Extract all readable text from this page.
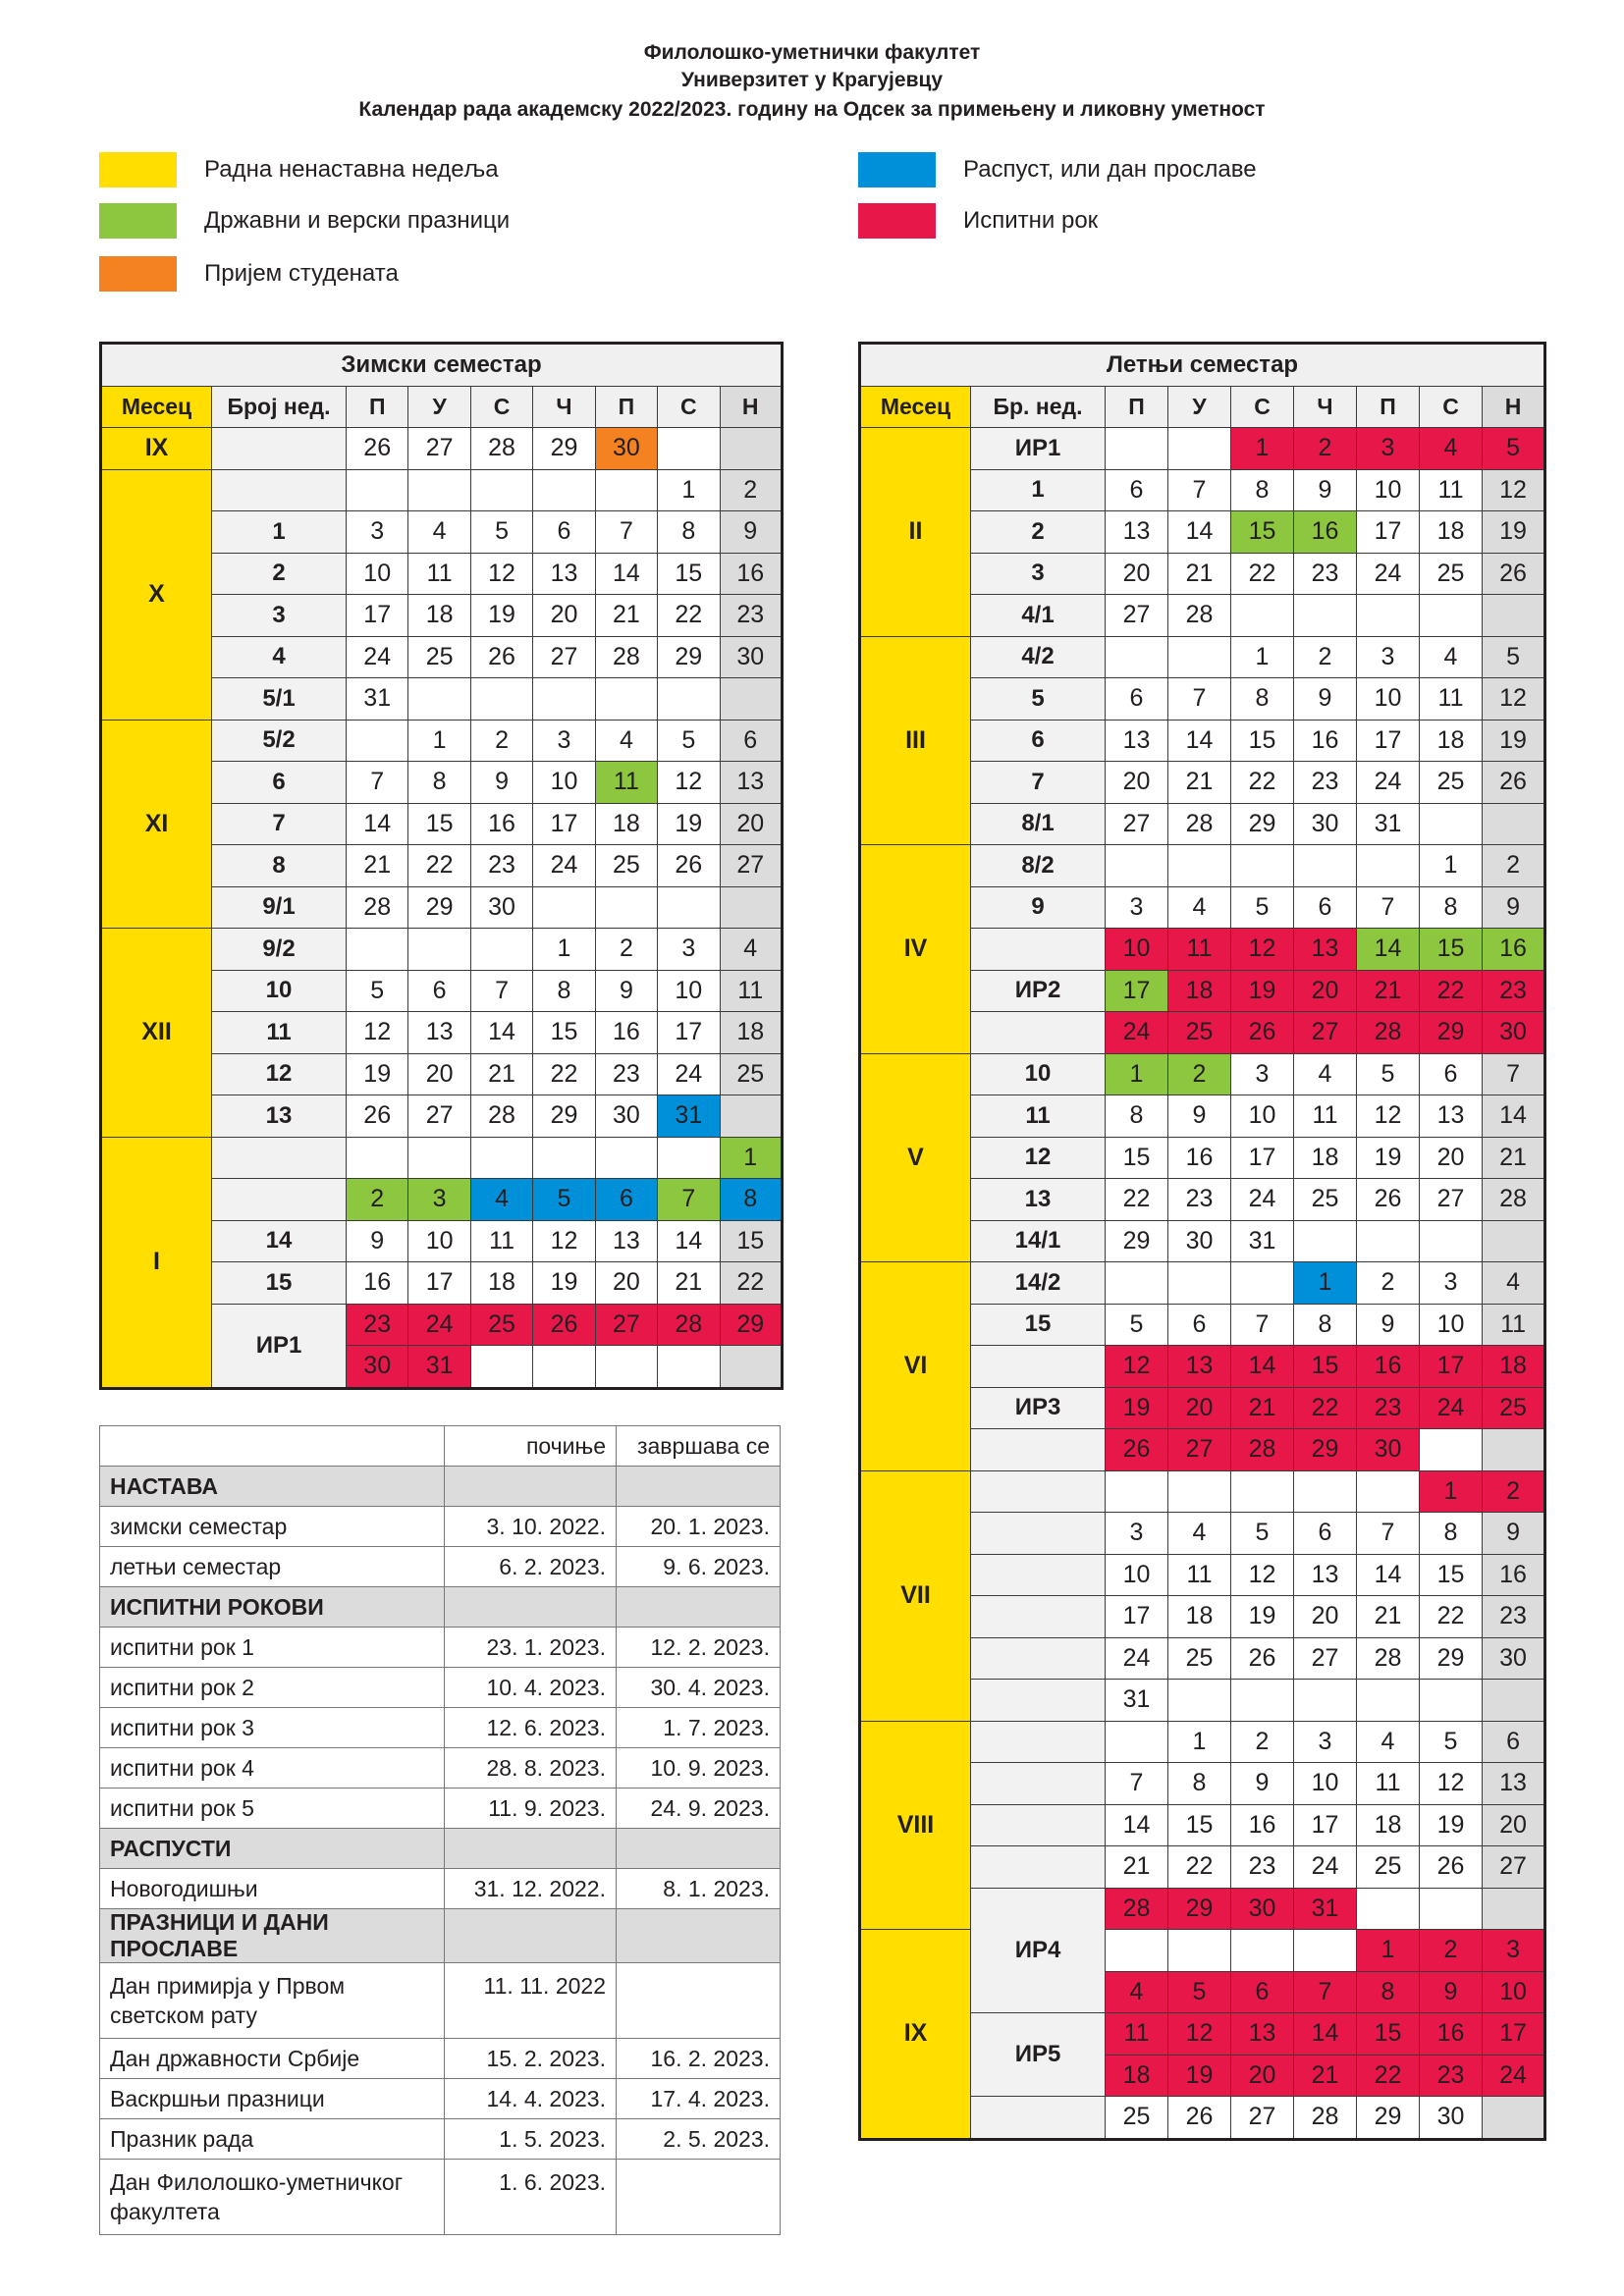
Филолошко-уметнички факултет
Универзитет у Крагујевцу
Календар рада академску 2022/2023. годину на Одсек за примењену и ликовну уметност
Радна ненаставна недеља
Државни и верски празници
Пријем студената
Распуст, или дан прославе
Испитни рок
Зимски семестар								
Месец	Број нед.	П	У	С	Ч	П	С	Н
IX		26	27	28	29	30		
X							1	2
	1	3	4	5	6	7	8	9
	2	10	11	12	13	14	15	16
	3	17	18	19	20	21	22	23
	4	24	25	26	27	28	29	30
	5/1	31						
XI	5/2		1	2	3	4	5	6
	6	7	8	9	10	11	12	13
	7	14	15	16	17	18	19	20
	8	21	22	23	24	25	26	27
	9/1	28	29	30				
XII	9/2				1	2	3	4
	10	5	6	7	8	9	10	11
	11	12	13	14	15	16	17	18
	12	19	20	21	22	23	24	25
	13	26	27	28	29	30	31	
I								1
		2	3	4	5	6	7	8
	14	9	10	11	12	13	14	15
	15	16	17	18	19	20	21	22
	ИР1	23	24	25	26	27	28	29
		30	31					
Летњи семестар								
Месец	Бр. нед.	П	У	С	Ч	П	С	Н
II	ИР1			1	2	3	4	5
	1	6	7	8	9	10	11	12
	2	13	14	15	16	17	18	19
	3	20	21	22	23	24	25	26
	4/1	27	28					
III	4/2			1	2	3	4	5
	5	6	7	8	9	10	11	12
	6	13	14	15	16	17	18	19
	7	20	21	22	23	24	25	26
	8/1	27	28	29	30	31		
IV	8/2						1	2
	9	3	4	5	6	7	8	9
		10	11	12	13	14	15	16
	ИР2	17	18	19	20	21	22	23
		24	25	26	27	28	29	30
V	10	1	2	3	4	5	6	7
	11	8	9	10	11	12	13	14
	12	15	16	17	18	19	20	21
	13	22	23	24	25	26	27	28
	14/1	29	30	31				
VI	14/2				1	2	3	4
	15	5	6	7	8	9	10	11
		12	13	14	15	16	17	18
	ИР3	19	20	21	22	23	24	25
		26	27	28	29	30		
VII							1	2
		3	4	5	6	7	8	9
		10	11	12	13	14	15	16
		17	18	19	20	21	22	23
		24	25	26	27	28	29	30
		31						
VIII			1	2	3	4	5	6
		7	8	9	10	11	12	13
		14	15	16	17	18	19	20
		21	22	23	24	25	26	27
	ИР4	28	29	30	31			
IX						1	2	3
		4	5	6	7	8	9	10
	ИР5	11	12	13	14	15	16	17
		18	19	20	21	22	23	24
		25	26	27	28	29	30	
	почиње	завршава се
НАСТАВА		
зимски семестар	3. 10. 2022.	20. 1. 2023.
летњи семестар	6. 2. 2023.	9. 6. 2023.
ИСПИТНИ РОКОВИ		
испитни рок 1	23. 1. 2023.	12. 2. 2023.
испитни рок 2	10. 4. 2023.	30. 4. 2023.
испитни рок 3	12. 6. 2023.	1. 7. 2023.
испитни рок 4	28. 8. 2023.	10. 9. 2023.
испитни рок 5	11. 9. 2023.	24. 9. 2023.
РАСПУСТИ		
Новогодишњи	31. 12. 2022.	8. 1. 2023.
ПРАЗНИЦИ И ДАНИ ПРОСЛАВЕ		
Дан примирја у Првом светском рату	11. 11. 2022	
Дан државности Србије	15. 2. 2023.	16. 2. 2023.
Васкршњи празници	14. 4. 2023.	17. 4. 2023.
Празник рада	1. 5. 2023.	2. 5. 2023.
Дан Филолошко-уметничког факултета	1. 6. 2023.	
